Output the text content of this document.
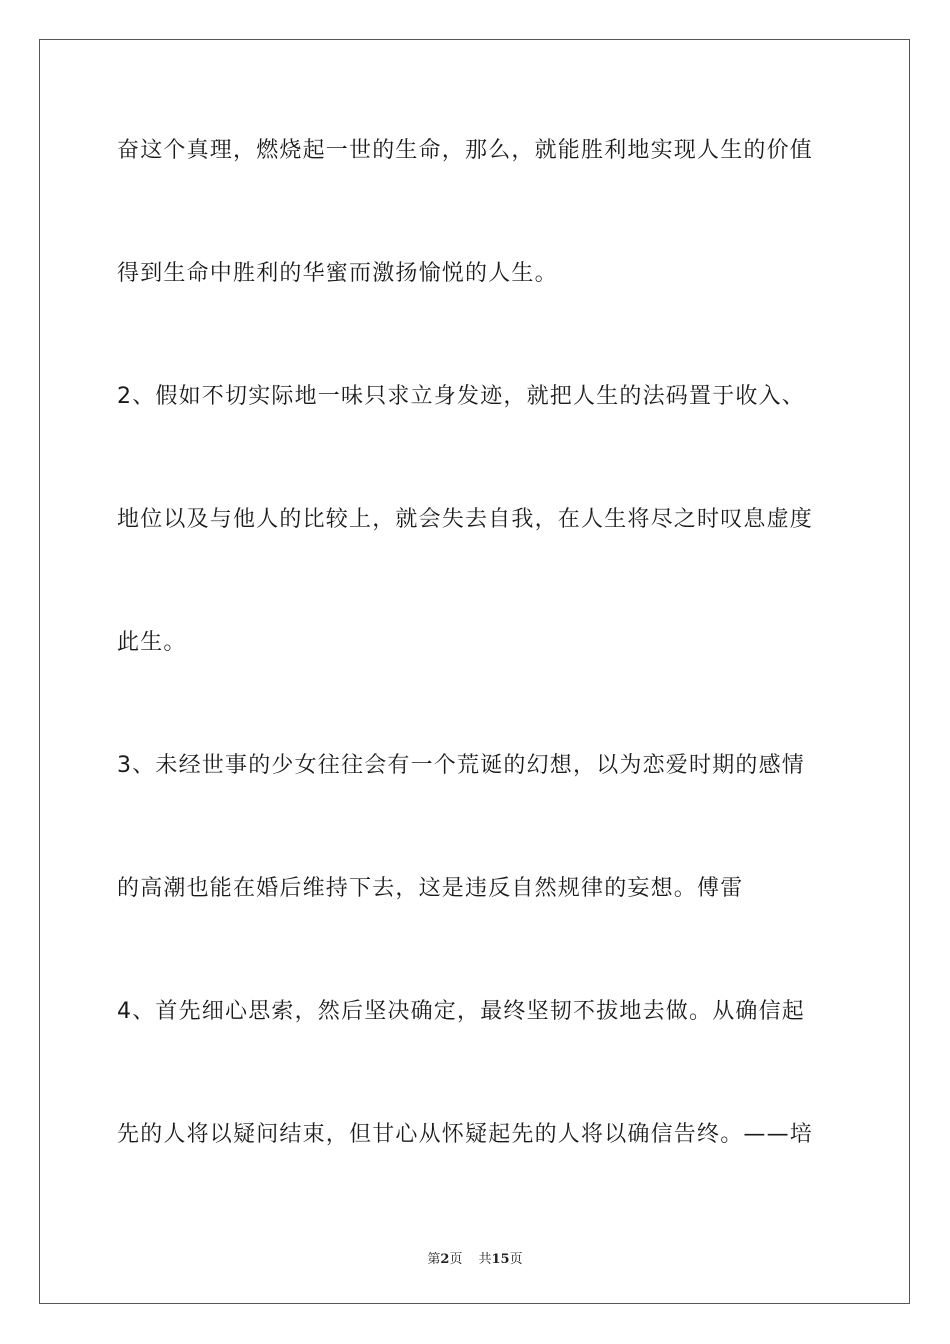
奋这个真理，燃烧起一世的生命，那么，就能胜利地实现人生的价值
得到生命中胜利的华蜜而激扬愉悦的人生。
2、假如不切实际地一味只求立身发迹，就把人生的法码置于收入、
地位以及与他人的比较上，就会失去自我，在人生将尽之时叹息虚度
此生。
3、未经世事的少女往往会有一个荒诞的幻想，以为恋爱时期的感情
的高潮也能在婚后维持下去，这是违反自然规律的妄想。傅雷
4、首先细心思索，然后坚决确定，最终坚韧不拔地去做。从确信起
先的人将以疑问结束，但甘心从怀疑起先的人将以确信告终。——培
第2页 共15页
